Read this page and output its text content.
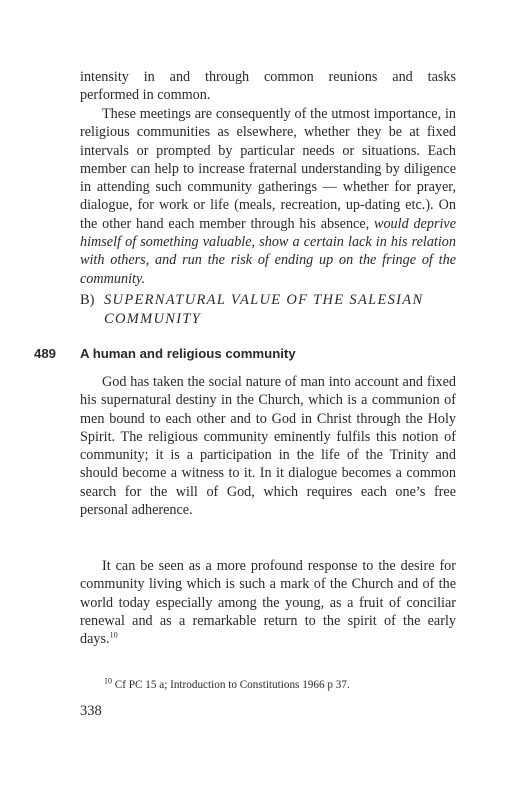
intensity in and through common reunions and tasks

performed in common.

These meetings are consequently of the utmost importance, in religious communities as elsewhere, whether they be at fixed intervals or prompted by particular needs or situations. Each member can help to increase fraternal understanding by diligence in attending such community gatherings — whether for prayer, dialogue, for work or life (meals, recreation, up-dating etc.). On the other hand each member through his absence, would deprive himself of something valuable, show a certain lack in his relation with others, and run the risk of ending up on the fringe of the community.

B) SUPERNATURAL VALUE OF THE SALESIAN
COMMUNITY
489 A human and religious community

God has taken the social nature of man into account and fixed his supernatural destiny in the Church, which is a communion of men bound to each other and to God in Christ through the Holy Spirit. The religious community eminently fulfils this notion of community; it is a participation in the life of the Trinity and should become a witness to it. In it dialogue becomes a common search for the will of God, which requires each one’s free personal adherence.

It can be seen as a more profound response to the desire for community living which is such a mark of the Church and of the world today especially among the young, as a fruit of conciliar renewal and as a remarkable return to the spirit of the early days.$^{10}$

$^{10}$ Cf PC 15 a; Introduction to Constitutions 1966 p 37.
338
